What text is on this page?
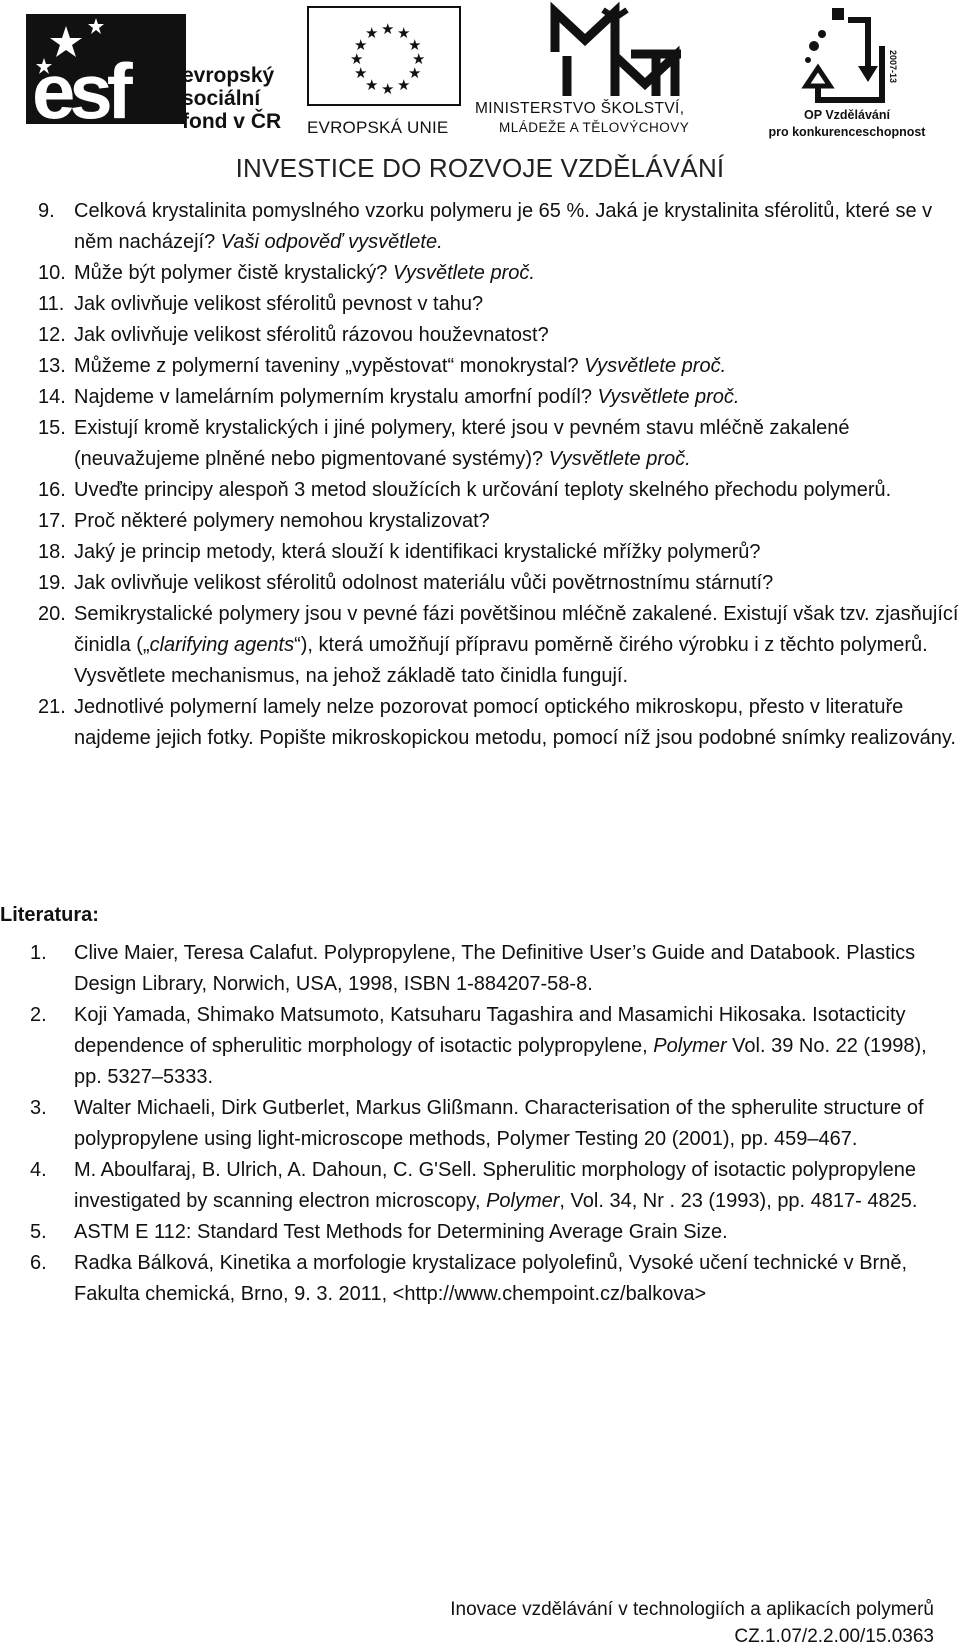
esf	evropský
sociální
fond v ČR
★ ★
★
★
★
★
★
★
★
★
★
★
EVROPSKÁ UNIE
MINISTERSTVO ŠKOLSTVÍ,
MLÁDEŽE A TĚLOVÝCHOVY
2007-13
OP Vzdělávání
pro konkurenceschopnost
INVESTICE DO ROZVOJE VZDĚLÁVÁNÍ
9. Celková krystalinita pomyslného vzorku polymeru je 65 %. Jaká je krystalinita sférolitů, které se v něm nacházejí? Vaši odpověď vysvětlete.
10. Může být polymer čistě krystalický? Vysvětlete proč.
11. Jak ovlivňuje velikost sférolitů pevnost v tahu?
12. Jak ovlivňuje velikost sférolitů rázovou houževnatost?
13. Můžeme z polymerní taveniny „vypěstovat“ monokrystal? Vysvětlete proč.
14. Najdeme v lamelárním polymerním krystalu amorfní podíl? Vysvětlete proč.
15. Existují kromě krystalických i jiné polymery, které jsou v pevném stavu mléčně zakalené (neuvažujeme plněné nebo pigmentované systémy)? Vysvětlete proč.
16. Uveďte principy alespoň 3 metod sloužících k určování teploty skelného přechodu polymerů.
17. Proč některé polymery nemohou krystalizovat?
18. Jaký je princip metody, která slouží k identifikaci krystalické mřížky polymerů?
19. Jak ovlivňuje velikost sférolitů odolnost materiálu vůči povětrnostnímu stárnutí?
20. Semikrystalické polymery jsou v pevné fázi povětšinou mléčně zakalené. Existují však tzv. zjasňující činidla („clarifying agents“), která umožňují přípravu poměrně čirého výrobku i z těchto polymerů. Vysvětlete mechanismus, na jehož základě tato činidla fungují.
21. Jednotlivé polymerní lamely nelze pozorovat pomocí optického mikroskopu, přesto v literatuře najdeme jejich fotky. Popište mikroskopickou metodu, pomocí níž jsou podobné snímky realizovány.
Literatura:
1. Clive Maier, Teresa Calafut. Polypropylene, The Definitive User’s Guide and Databook. Plastics Design Library, Norwich, USA, 1998, ISBN 1-884207-58-8.
2. Koji Yamada, Shimako Matsumoto, Katsuharu Tagashira and Masamichi Hikosaka. Isotacticity dependence of spherulitic morphology of isotactic polypropylene, Polymer Vol. 39 No. 22 (1998), pp. 5327–5333.
3. Walter Michaeli, Dirk Gutberlet, Markus Glißmann. Characterisation of the spherulite structure of polypropylene using light-microscope methods, Polymer Testing 20 (2001), pp. 459–467.
4. M. Aboulfaraj, B. Ulrich, A. Dahoun, C. G'Sell. Spherulitic morphology of isotactic polypropylene investigated by scanning electron microscopy, Polymer, Vol. 34, Nr . 23 (1993), pp. 4817- 4825.
5. ASTM E 112: Standard Test Methods for Determining Average Grain Size.
6. Radka Bálková, Kinetika a morfologie krystalizace polyolefinů, Vysoké učení technické v Brně, Fakulta chemická, Brno, 9. 3. 2011, <http://www.chempoint.cz/balkova>
Inovace vzdělávání v technologiích a aplikacích polymerů
CZ.1.07/2.2.00/15.0363
